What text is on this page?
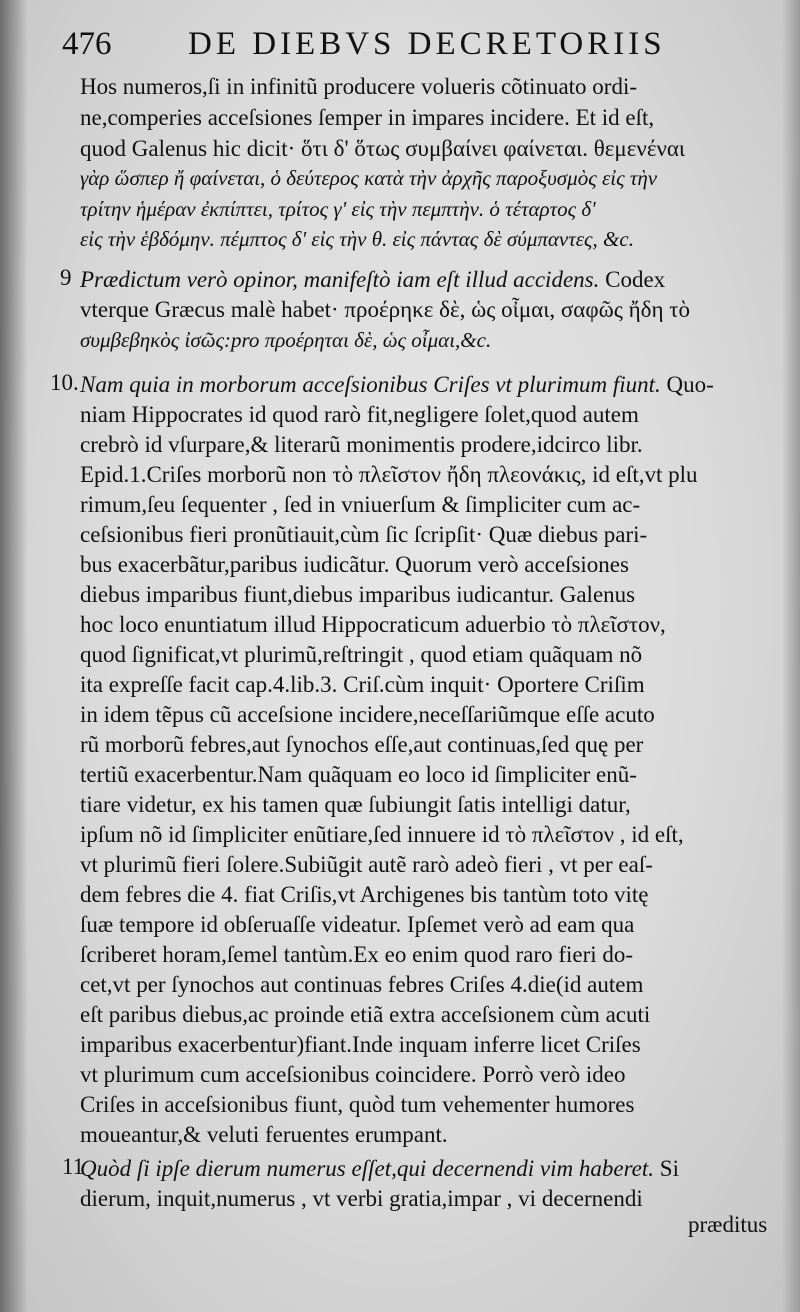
476 DE DIEBVS DECRETORIIS
Hos numeros,ſi in infinitũ producere volueris cõtinuato ordi-
ne,comperies acceſsiones ſemper in impares incidere. Et id eſt,
quod Galenus hic dicit· ὅτι δ' ὅτως συμβαίνει φαίνεται. θεμενέναι
γὰρ ὥσπερ ἤ φαίνεται, ὁ δεύτερος κατὰ τὴν ἀρχῆς παροξυσμὸς εἰς τὴν
τρίτην ἡμέραν ἐκπίπτει, τρίτος γ' εἰς τὴν πεμπτὴν. ὁ τέταρτος δ'
εἰς τὴν ἑβδόμην. πέμπτος δ' εἰς τὴν θ. εἰς πάντας δὲ σύμπαντες, &c.
9 Prædictum verò opinor, manifeſtò iam eſt illud accidens. Codex
vterque Græcus malè habet· προέρηκε δὲ, ὡς οἶμαι, σαφῶς ἤδη τὸ
συμβεβηκὸς ἰσῶς:pro προέρηται δὲ, ὡς οἶμαι,&c.
10. Nam quia in morborum acceſsionibus Criſes vt plurimum fiunt. Quo-
niam Hippocrates id quod rarò fit,negligere ſolet,quod autem
crebrò id vſurpare,& literarũ monimentis prodere,idcirco libr.
Epid.1.Criſes morborũ non τὸ πλεῖστον ἤδη πλεονάκις, id eſt,vt plu
rimum,ſeu ſequenter , ſed in vniuerſum & ſimpliciter cum ac-
ceſsionibus fieri pronũtiauit,cùm ſic ſcripſit· Quæ diebus pari-
bus exacerbãtur,paribus iudicãtur. Quorum verò acceſsiones
diebus imparibus fiunt,diebus imparibus iudicantur. Galenus
hoc loco enuntiatum illud Hippocraticum aduerbio τὸ πλεῖστον,
quod ſignificat,vt plurimũ,reſtringit , quod etiam quãquam nõ
ita expreſſe facit cap.4.lib.3. Criſ.cùm inquit· Oportere Criſim
in idem tẽpus cũ acceſsione incidere,neceſſariũmque eſſe acuto
rũ morborũ febres,aut ſynochos eſſe,aut continuas,ſed quę per
tertiũ exacerbentur.Nam quãquam eo loco id ſimpliciter enũ-
tiare videtur, ex his tamen quæ ſubiungit ſatis intelligi datur,
ipſum nõ id ſimpliciter enũtiare,ſed innuere id τὸ πλεῖστον , id eſt,
vt plurimũ fieri ſolere.Subiũgit autẽ rarò adeò fieri , vt per eaſ-
dem febres die 4. fiat Criſis,vt Archigenes bis tantùm toto vitę
ſuæ tempore id obſeruaſſe videatur. Ipſemet verò ad eam qua
ſcriberet horam,ſemel tantùm.Ex eo enim quod raro fieri do-
cet,vt per ſynochos aut continuas febres Criſes 4.die(id autem
eſt paribus diebus,ac proinde etiã extra acceſsionem cùm acuti
imparibus exacerbentur)fiant.Inde inquam inferre licet Criſes
vt plurimum cum acceſsionibus coincidere. Porrò verò ideo
Criſes in acceſsionibus fiunt, quòd tum vehementer humores
moueantur,& veluti feruentes erumpant.
11
Quòd ſi ipſe dierum numerus eſſet,qui decernendi vim haberet. Si
dierum, inquit,numerus , vt verbi gratia,impar , vi decernendi
præditus
